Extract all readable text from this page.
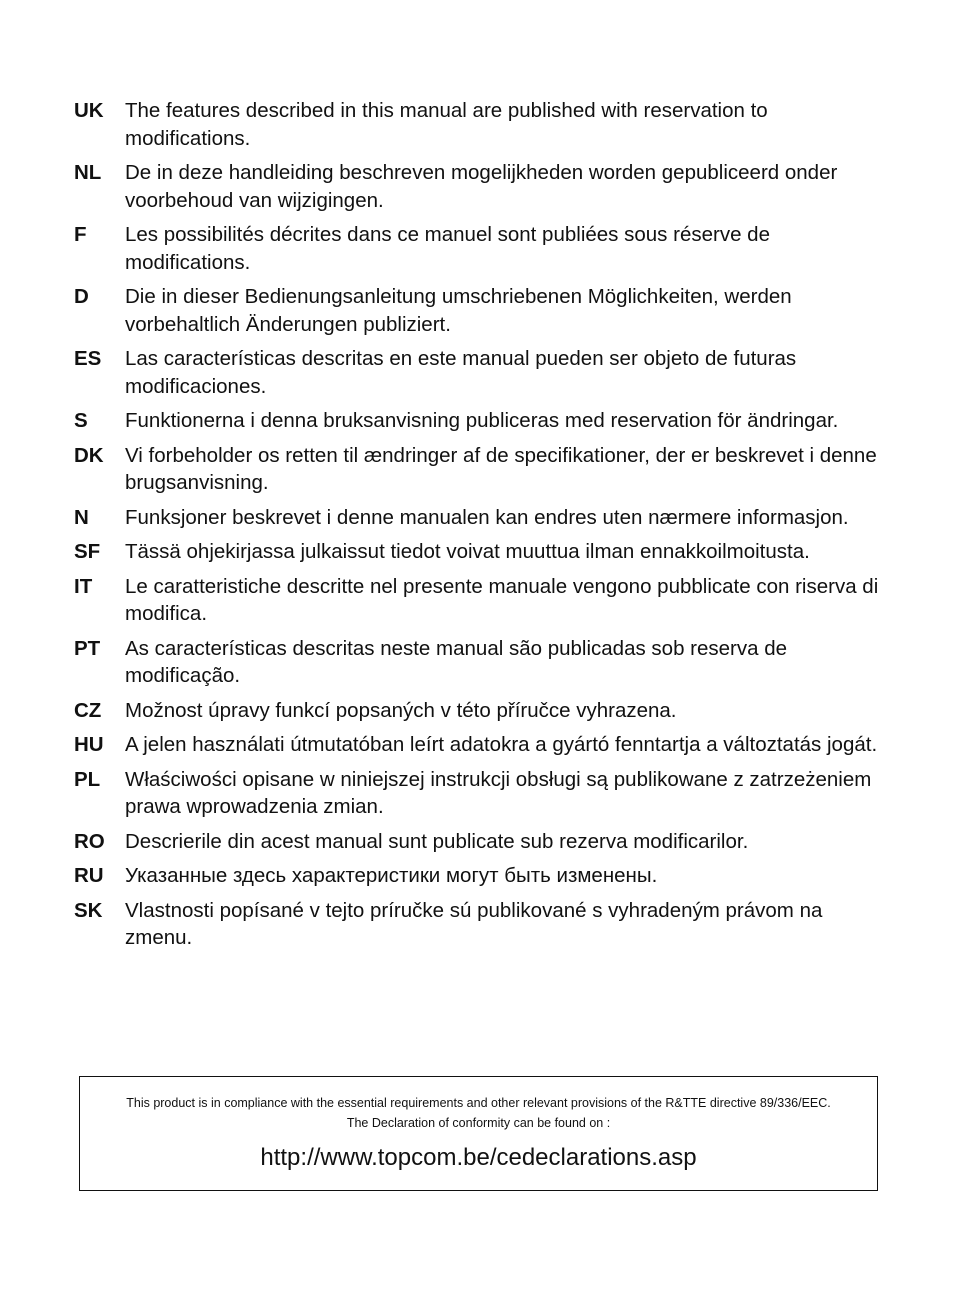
UK	The features described in this manual are published with reservation to modifications.
NL	De in deze handleiding beschreven mogelijkheden worden gepubliceerd onder voorbehoud van wijzigingen.
F	Les possibilités décrites dans ce manuel sont publiées sous réserve de modifications.
D	Die in dieser Bedienungsanleitung umschriebenen Möglichkeiten, werden vorbehaltlich Änderungen publiziert.
ES	Las características descritas en este manual pueden ser objeto de futuras modificaciones.
S	Funktionerna i denna bruksanvisning publiceras med reservation för ändringar.
DK	Vi forbeholder os retten til ændringer af de specifikationer, der er beskrevet i denne brugsanvisning.
N	Funksjoner beskrevet i denne manualen kan endres uten nærmere informasjon.
SF	Tässä ohjekirjassa julkaissut tiedot voivat muuttua ilman ennakkoilmoitusta.
IT	Le caratteristiche descritte nel presente manuale vengono pubblicate con riserva di modifica.
PT	As características descritas neste manual são publicadas sob reserva de modificação.
CZ	Možnost úpravy funkcí popsaných v této příručce vyhrazena.
HU	A jelen használati útmutatóban leírt adatokra a gyártó fenntartja a változtatás jogát.
PL	Właściwości opisane w niniejszej instrukcji obsługi są publikowane z zatrzeżeniem prawa wprowadzenia zmian.
RO Descrierile din acest manual sunt publicate sub rezerva modificarilor.
RU	Указанные здесь характеристики могут быть изменены.
SK	Vlastnosti popísané v tejto príručke sú publikované s vyhradeným právom na zmenu.
This product is in compliance with the essential requirements and other relevant provisions of the R&TTE directive 89/336/EEC.
The Declaration of conformity can be found on :
http://www.topcom.be/cedeclarations.asp
